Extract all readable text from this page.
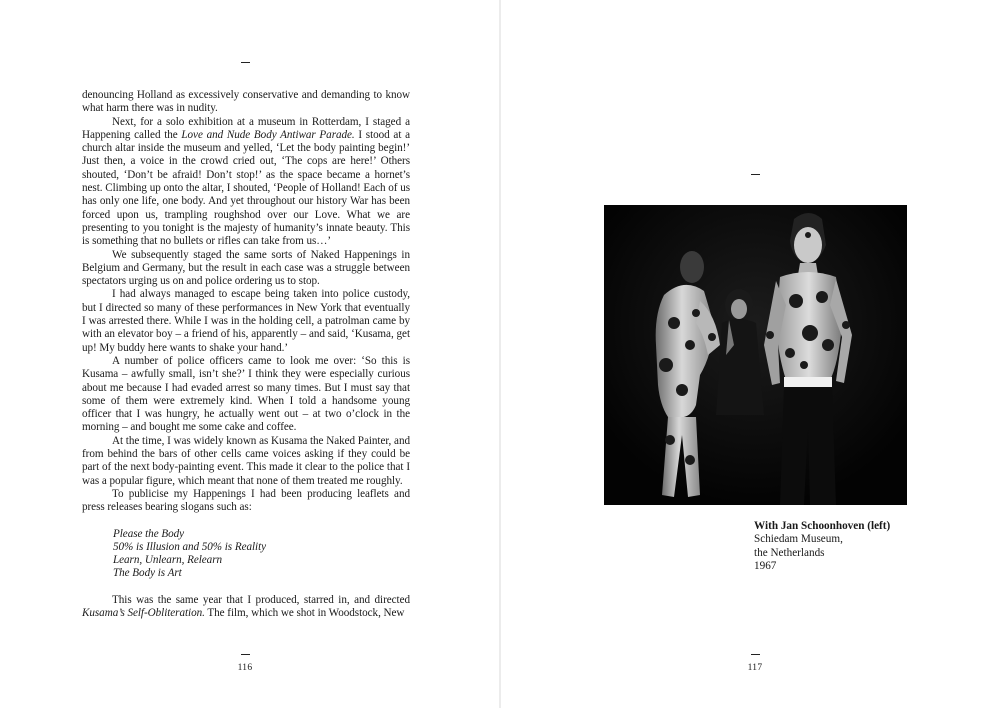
denouncing Holland as excessively conservative and demanding to know what harm there was in nudity.

Next, for a solo exhibition at a museum in Rotterdam, I staged a Happening called the Love and Nude Body Antiwar Parade. I stood at a church altar inside the museum and yelled, ‘Let the body painting begin!’ Just then, a voice in the crowd cried out, ‘The cops are here!’ Others shouted, ‘Don’t be afraid! Don’t stop!’ as the space became a hornet’s nest. Climbing up onto the altar, I shouted, ‘People of Holland! Each of us has only one life, one body. And yet throughout our history War has been forced upon us, trampling roughshod over our Love. What we are presenting to you tonight is the majesty of humanity’s innate beauty. This is something that no bullets or rifles can take from us…’

We subsequently staged the same sorts of Naked Happenings in Belgium and Germany, but the result in each case was a struggle between spectators urging us on and police ordering us to stop.

I had always managed to escape being taken into police custody, but I directed so many of these performances in New York that eventually I was arrested there. While I was in the holding cell, a patrolman came by with an elevator boy – a friend of his, apparently – and said, ‘Kusama, get up! My buddy here wants to shake your hand.’

A number of police officers came to look me over: ‘So this is Kusama – awfully small, isn’t she?’ I think they were especially curious about me because I had evaded arrest so many times. But I must say that some of them were extremely kind. When I told a handsome young officer that I was hungry, he actually went out – at two o’clock in the morning – and bought me some cake and coffee.

At the time, I was widely known as Kusama the Naked Painter, and from behind the bars of other cells came voices asking if they could be part of the next body-painting event. This made it clear to the police that I was a popular figure, which meant that none of them treated me roughly.

To publicise my Happenings I had been producing leaflets and press releases bearing slogans such as:

Please the Body
50% is Illusion and 50% is Reality
Learn, Unlearn, Relearn
The Body is Art

This was the same year that I produced, starred in, and directed Kusama’s Self-Obliteration. The film, which we shot in Woodstock, New

116
With Jan Schoonhoven (left)
Schiedam Museum,
the Netherlands
1967
117
